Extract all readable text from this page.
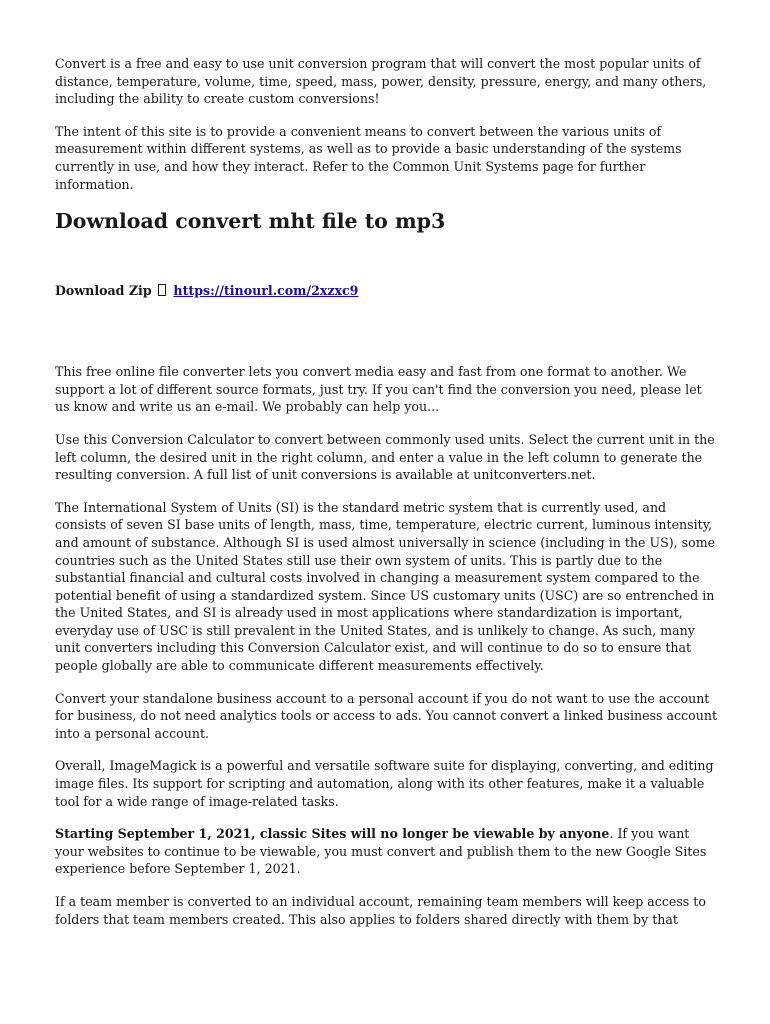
Convert is a free and easy to use unit conversion program that will convert the most popular units of distance, temperature, volume, time, speed, mass, power, density, pressure, energy, and many others, including the ability to create custom conversions!

The intent of this site is to provide a convenient means to convert between the various units of measurement within different systems, as well as to provide a basic understanding of the systems currently in use, and how they interact. Refer to the Common Unit Systems page for further information.

Download convert mht file to mp3
Download Zip https://tinourl.com/2xzxc9

This free online file converter lets you convert media easy and fast from one format to another. We support a lot of different source formats, just try. If you can't find the conversion you need, please let us know and write us an e-mail. We probably can help you...

Use this Conversion Calculator to convert between commonly used units. Select the current unit in the left column, the desired unit in the right column, and enter a value in the left column to generate the resulting conversion. A full list of unit conversions is available at unitconverters.net.

The International System of Units (SI) is the standard metric system that is currently used, and consists of seven SI base units of length, mass, time, temperature, electric current, luminous intensity, and amount of substance. Although SI is used almost universally in science (including in the US), some countries such as the United States still use their own system of units. This is partly due to the substantial financial and cultural costs involved in changing a measurement system compared to the potential benefit of using a standardized system. Since US customary units (USC) are so entrenched in the United States, and SI is already used in most applications where standardization is important, everyday use of USC is still prevalent in the United States, and is unlikely to change. As such, many unit converters including this Conversion Calculator exist, and will continue to do so to ensure that people globally are able to communicate different measurements effectively.

Convert your standalone business account to a personal account if you do not want to use the account for business, do not need analytics tools or access to ads. You cannot convert a linked business account into a personal account.

Overall, ImageMagick is a powerful and versatile software suite for displaying, converting, and editing image files. Its support for scripting and automation, along with its other features, make it a valuable tool for a wide range of image-related tasks.

Starting September 1, 2021, classic Sites will no longer be viewable by anyone. If you want your websites to continue to be viewable, you must convert and publish them to the new Google Sites experience before September 1, 2021.

If a team member is converted to an individual account, remaining team members will keep access to folders that team members created. This also applies to folders shared directly with them by that
